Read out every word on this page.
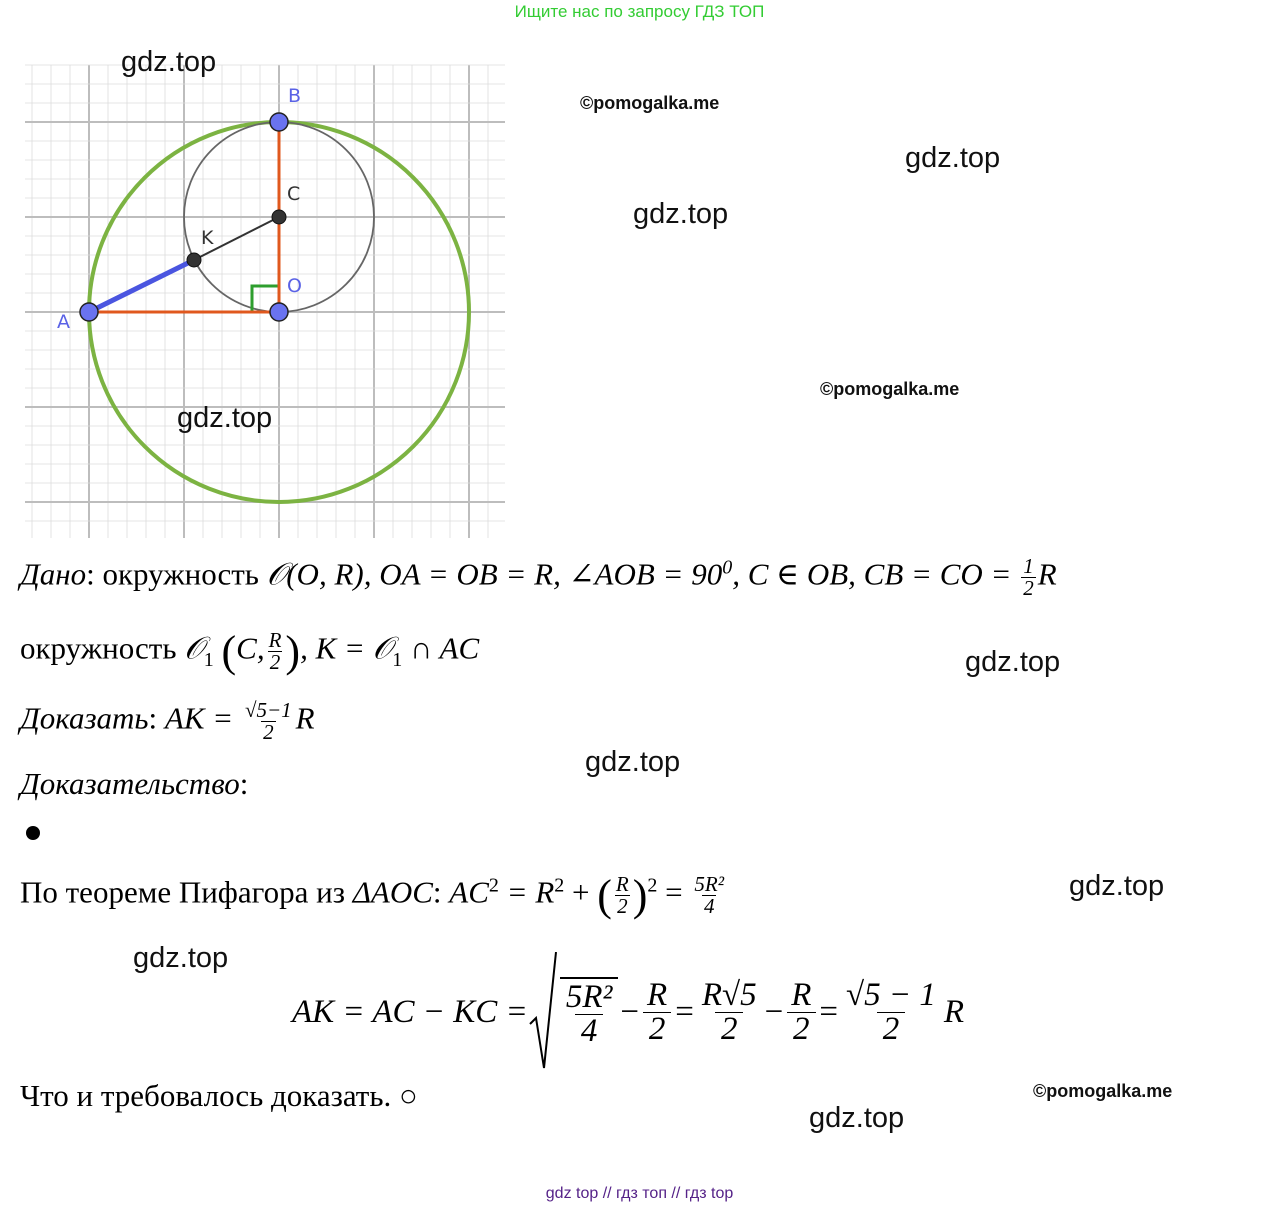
Ищите нас по запросу ГДЗ ТОП
B
A
C
K
O
gdz.top
©pomogalka.me
gdz.top
gdz.top
©pomogalka.me
gdz.top
gdz.top
gdz.top
gdz.top
gdz.top
©pomogalka.me
gdz.top
Дано: окружность 𝒪(O, R), OA = OB = R, ∠AOB = $90^0$, C ∈ OB, CB = CO = $\frac{1}{2}$ R
окружность 𝒪$_1$ (C, $\frac{R}{2}$ ), K = 𝒪$_1$ ∩ AC
Доказать: AK = $\frac{√5-1}{2}$ R
Доказательство:
По теореме Пифагора из ΔAOC: $AC^2 = R^2$ + ( $\frac{R}{2} )^2 = \frac{\text{5R²}}{4}$
AK = AC − KC = $\frac{\text{5R²}}{4} - \frac{R}{2} = \frac{R√5}{2} - \frac{R}{2} = \frac{√5 - 1}{2}$ R
Что и требовалось доказать. ○
gdz top // гдз топ // гдз top
